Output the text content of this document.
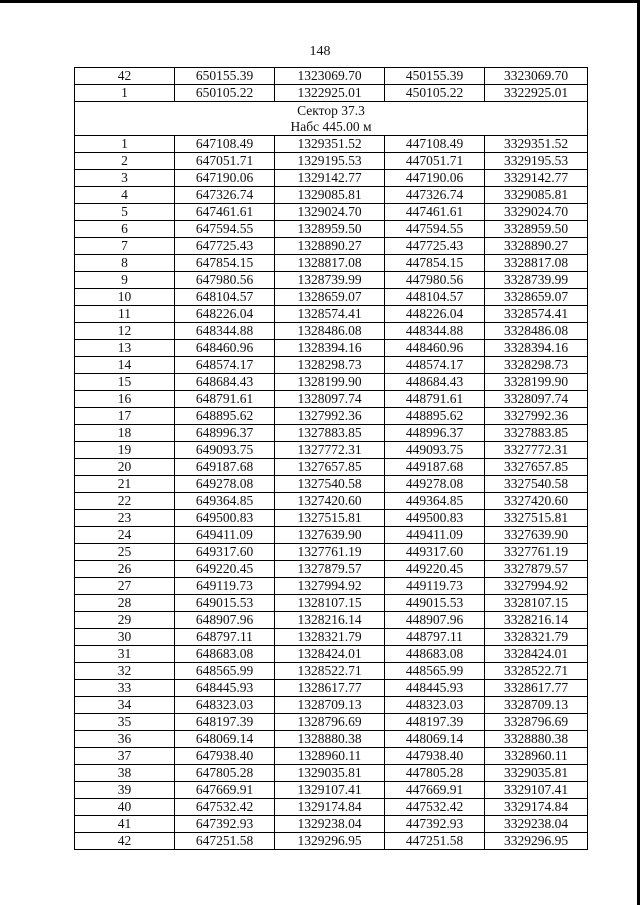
148
42	650155.39	1323069.70	450155.39	3323069.70
1	650105.22	1322925.01	450105.22	3322925.01

Сектор 37.3
Набс 445.00 м				

1	647108.49	1329351.52	447108.49	3329351.52
2	647051.71	1329195.53	447051.71	3329195.53
3	647190.06	1329142.77	447190.06	3329142.77
4	647326.74	1329085.81	447326.74	3329085.81
5	647461.61	1329024.70	447461.61	3329024.70
6	647594.55	1328959.50	447594.55	3328959.50
7	647725.43	1328890.27	447725.43	3328890.27
8	647854.15	1328817.08	447854.15	3328817.08
9	647980.56	1328739.99	447980.56	3328739.99
10	648104.57	1328659.07	448104.57	3328659.07
11	648226.04	1328574.41	448226.04	3328574.41
12	648344.88	1328486.08	448344.88	3328486.08
13	648460.96	1328394.16	448460.96	3328394.16
14	648574.17	1328298.73	448574.17	3328298.73
15	648684.43	1328199.90	448684.43	3328199.90
16	648791.61	1328097.74	448791.61	3328097.74
17	648895.62	1327992.36	448895.62	3327992.36
18	648996.37	1327883.85	448996.37	3327883.85
19	649093.75	1327772.31	449093.75	3327772.31
20	649187.68	1327657.85	449187.68	3327657.85
21	649278.08	1327540.58	449278.08	3327540.58
22	649364.85	1327420.60	449364.85	3327420.60
23	649500.83	1327515.81	449500.83	3327515.81
24	649411.09	1327639.90	449411.09	3327639.90
25	649317.60	1327761.19	449317.60	3327761.19
26	649220.45	1327879.57	449220.45	3327879.57
27	649119.73	1327994.92	449119.73	3327994.92
28	649015.53	1328107.15	449015.53	3328107.15
29	648907.96	1328216.14	448907.96	3328216.14
30	648797.11	1328321.79	448797.11	3328321.79
31	648683.08	1328424.01	448683.08	3328424.01
32	648565.99	1328522.71	448565.99	3328522.71
33	648445.93	1328617.77	448445.93	3328617.77
34	648323.03	1328709.13	448323.03	3328709.13
35	648197.39	1328796.69	448197.39	3328796.69
36	648069.14	1328880.38	448069.14	3328880.38
37	647938.40	1328960.11	447938.40	3328960.11
38	647805.28	1329035.81	447805.28	3329035.81
39	647669.91	1329107.41	447669.91	3329107.41
40	647532.42	1329174.84	447532.42	3329174.84
41	647392.93	1329238.04	447392.93	3329238.04
42	647251.58	1329296.95	447251.58	3329296.95
